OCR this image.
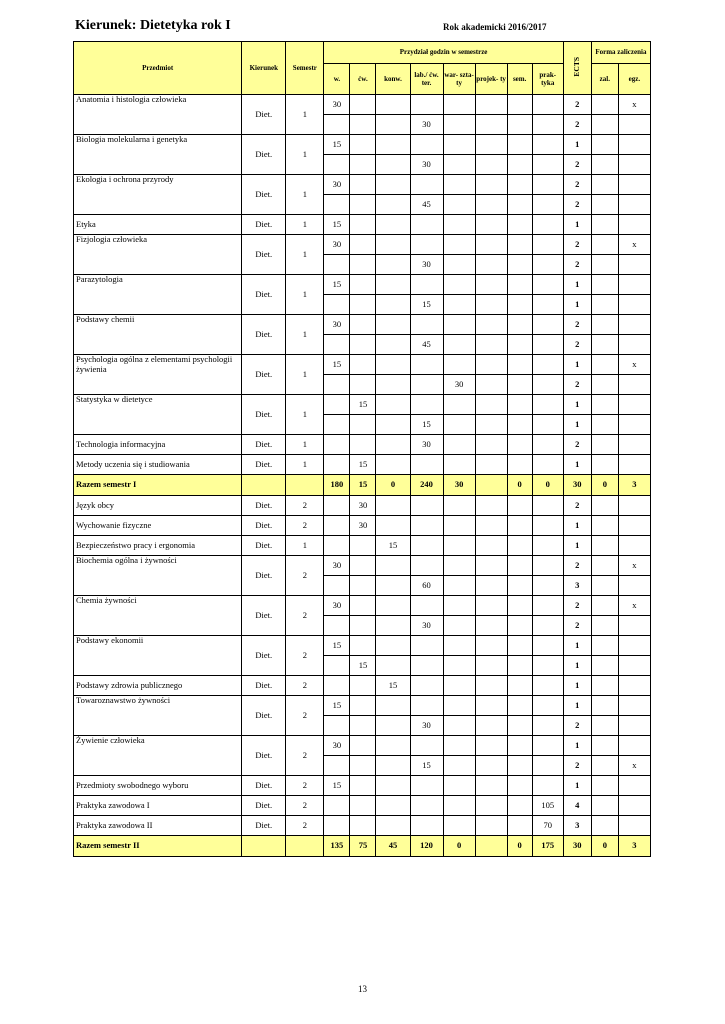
Kierunek: Dietetyka rok I	Rok akademicki 2016/2017
Przedmiot	Kierunek	Semestr	Przydział godzin w semestrze								ECTS	Forma zaliczenia	
			w.	ćw.	konw.	lab./ ćw. ter.	war- szta- ty	projek- ty	sem.	prak- tyka		zal.	egz.
Anatomia i histologia człowieka	Diet.	1	30								2		x
						30					2		
Biologia molekularna i genetyka	Diet.	1	15								1		
						30					2		
Ekologia i ochrona przyrody	Diet.	1	30								2		
						45					2		
Etyka	Diet.	1	15								1		
Fizjologia człowieka	Diet.	1	30								2		x
						30					2		
Parazytologia	Diet.	1	15								1		
						15					1		
Podstawy chemii	Diet.	1	30								2		
						45					2		
Psychologia ogólna z elementami psychologii żywienia	Diet.	1	15								1		x
							30				2		
Statystyka w dietetyce	Diet.	1		15							1		
						15					1		
Technologia informacyjna	Diet.	1				30					2		
Metody uczenia się i studiowania	Diet.	1		15							1		
Razem semestr I			180	15	0	240	30		0	0	30	0	3
Język obcy	Diet.	2		30							2		
Wychowanie fizyczne	Diet.	2		30							1		
Bezpieczeństwo pracy i ergonomia	Diet.	1			15						1		
Biochemia ogólna i żywności	Diet.	2	30								2		x
						60					3		
Chemia żywności	Diet.	2	30								2		x
						30					2		
Podstawy ekonomii	Diet.	2	15								1		
				15							1		
Podstawy zdrowia publicznego	Diet.	2			15						1		
Towaroznawstwo żywności	Diet.	2	15								1		
						30					2		
Żywienie człowieka	Diet.	2	30								1		
						15					2		x
Przedmioty swobodnego wyboru	Diet.	2	15								1		
Praktyka zawodowa I	Diet.	2								105	4		
Praktyka zawodowa II	Diet.	2								70	3		
Razem semestr II			135	75	45	120	0		0	175	30	0	3
13
